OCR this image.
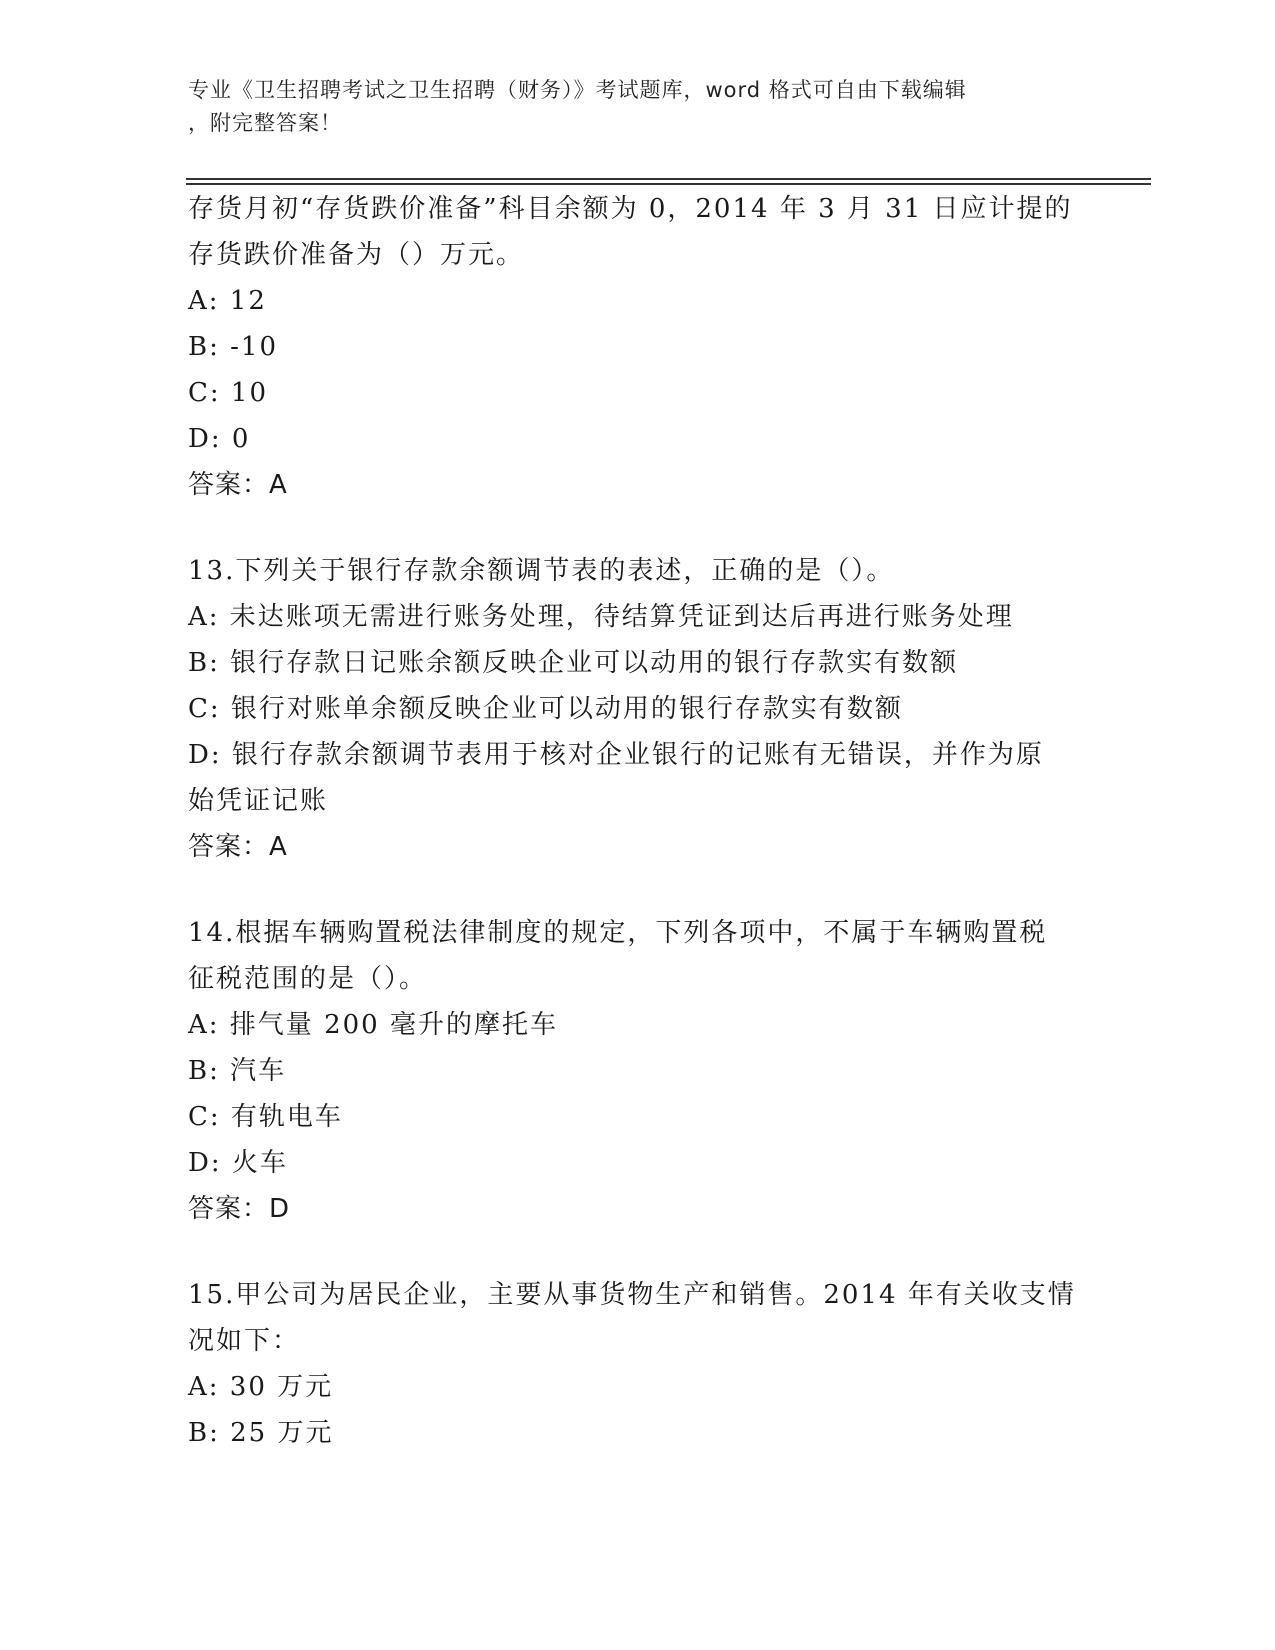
专业《卫生招聘考试之卫生招聘（财务）》考试题库，word 格式可自由下载编辑
，附完整答案！
存货月初“存货跌价准备”科目余额为 0，2014 年 3 月 31 日应计提的
存货跌价准备为（）万元。
A: 12
B: -10
C: 10
D: 0
答案：A
13.下列关于银行存款余额调节表的表述，正确的是（）。
A: 未达账项无需进行账务处理，待结算凭证到达后再进行账务处理
B: 银行存款日记账余额反映企业可以动用的银行存款实有数额
C: 银行对账单余额反映企业可以动用的银行存款实有数额
D: 银行存款余额调节表用于核对企业银行的记账有无错误，并作为原
始凭证记账
答案：A
14.根据车辆购置税法律制度的规定，下列各项中，不属于车辆购置税
征税范围的是（）。
A: 排气量 200 毫升的摩托车
B: 汽车
C: 有轨电车
D: 火车
答案：D
15.甲公司为居民企业，主要从事货物生产和销售。2014 年有关收支情
况如下：
A: 30 万元
B: 25 万元
